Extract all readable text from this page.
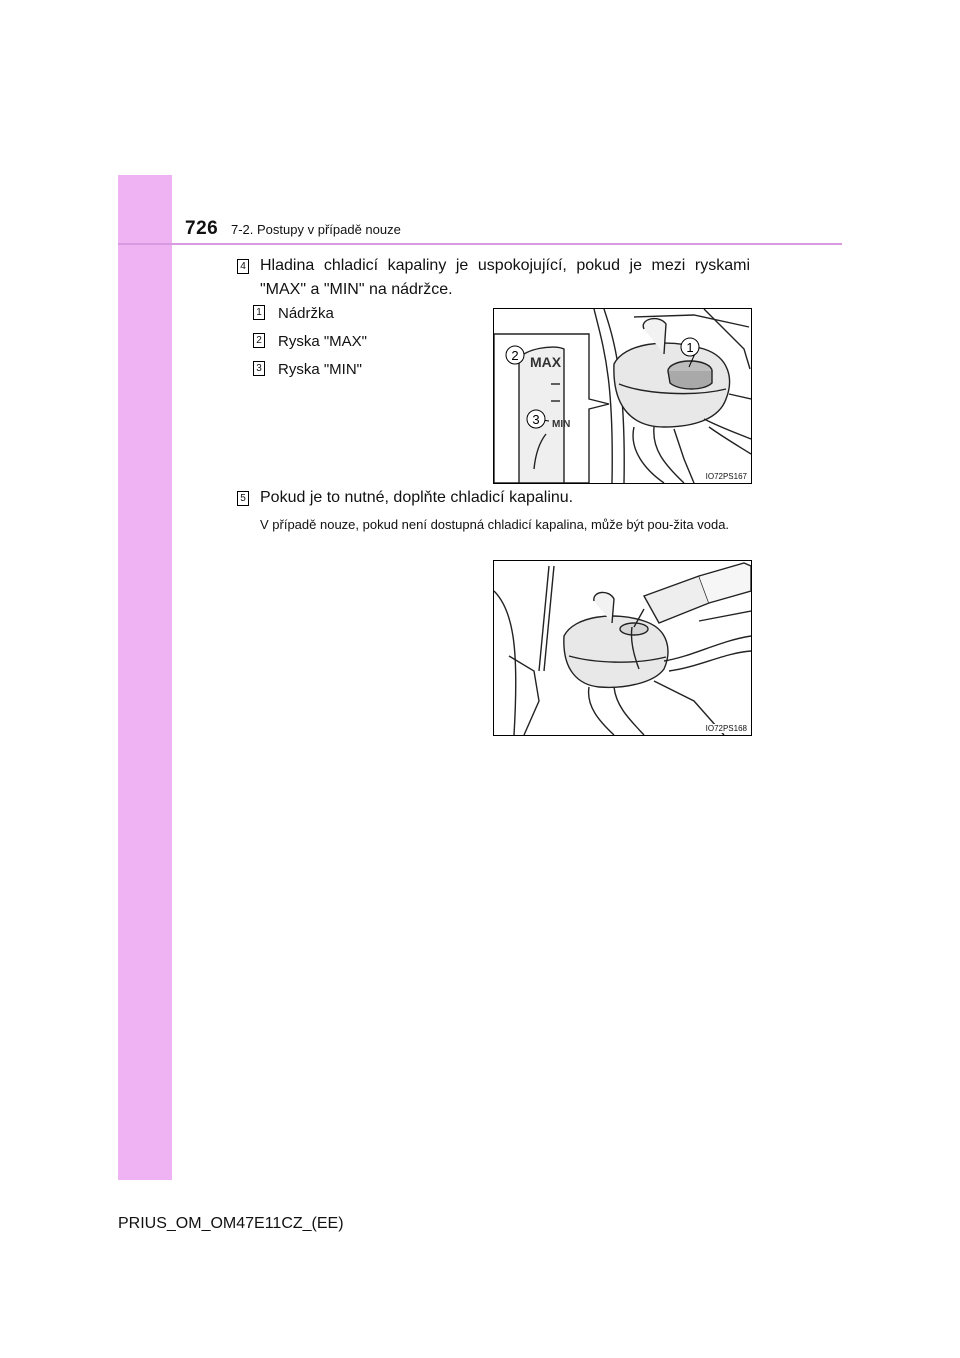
726 7-2. Postupy v případě nouze
4 Hladina chladicí kapaliny je uspokojující, pokud je mezi ryskami "MAX" a "MIN" na nádržce.
1 Nádržka
2 Ryska "MAX"
3 Ryska "MIN"	MAX
MIN
2
1
3
IO72PS167
5 Pokud je to nutné, doplňte chladicí kapalinu.
V případě nouze, pokud není dostupná chladicí kapalina, může být pou-žita voda.
IO72PS168
PRIUS_OM_OM47E11CZ_(EE)
